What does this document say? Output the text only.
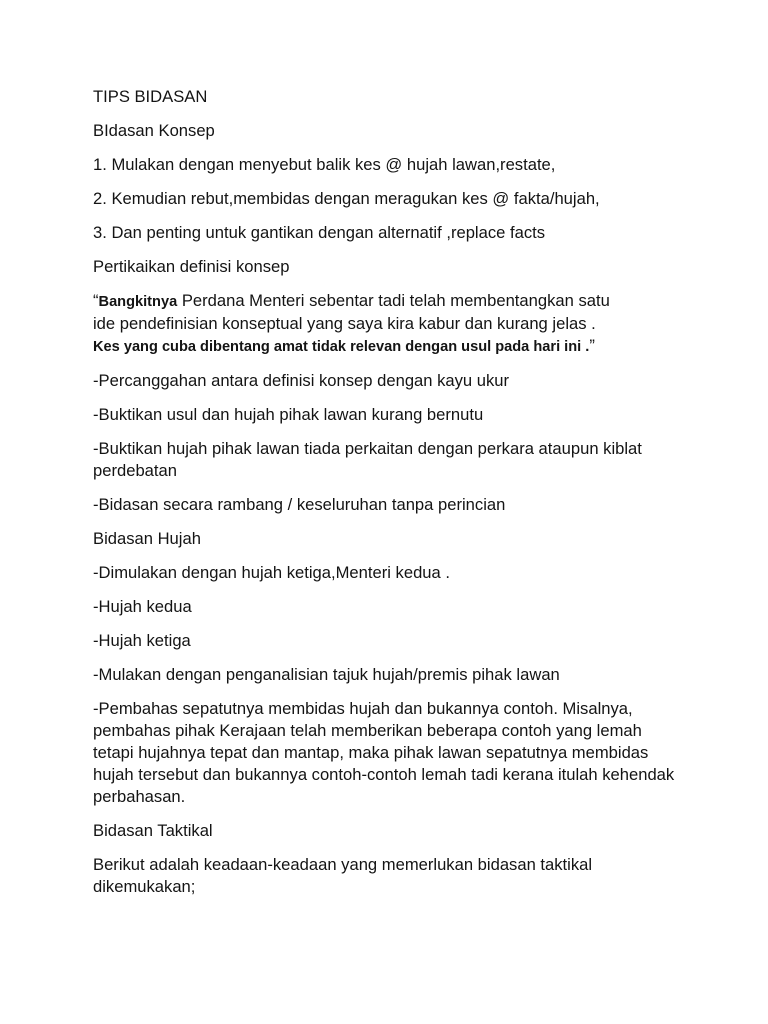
TIPS BIDASAN

BIdasan Konsep

1. Mulakan dengan menyebut balik kes @ hujah lawan,restate,

2. Kemudian rebut,membidas dengan meragukan kes @ fakta/hujah,

3. Dan penting untuk gantikan dengan alternatif ,replace facts

Pertikaikan definisi konsep

“Bangkitnya Perdana Menteri sebentar tadi telah membentangkan satu
ide pendefinisian konseptual yang saya kira kabur dan kurang jelas .
Kes yang cuba dibentang amat tidak relevan dengan usul pada hari ini .”

-Percanggahan antara definisi konsep dengan kayu ukur

-Buktikan usul dan hujah pihak lawan kurang bernutu

-Buktikan hujah pihak lawan tiada perkaitan dengan perkara ataupun kiblat perdebatan

-Bidasan secara rambang / keseluruhan tanpa perincian

Bidasan Hujah

-Dimulakan dengan hujah ketiga,Menteri kedua .

-Hujah kedua

-Hujah ketiga

-Mulakan dengan penganalisian tajuk hujah/premis pihak lawan

-Pembahas sepatutnya membidas hujah dan bukannya contoh. Misalnya, pembahas pihak Kerajaan telah memberikan beberapa contoh yang lemah tetapi hujahnya tepat dan mantap, maka pihak lawan sepatutnya membidas hujah tersebut dan bukannya contoh-contoh lemah tadi kerana itulah kehendak perbahasan.

Bidasan Taktikal

Berikut adalah keadaan-keadaan yang memerlukan bidasan taktikal dikemukakan;
